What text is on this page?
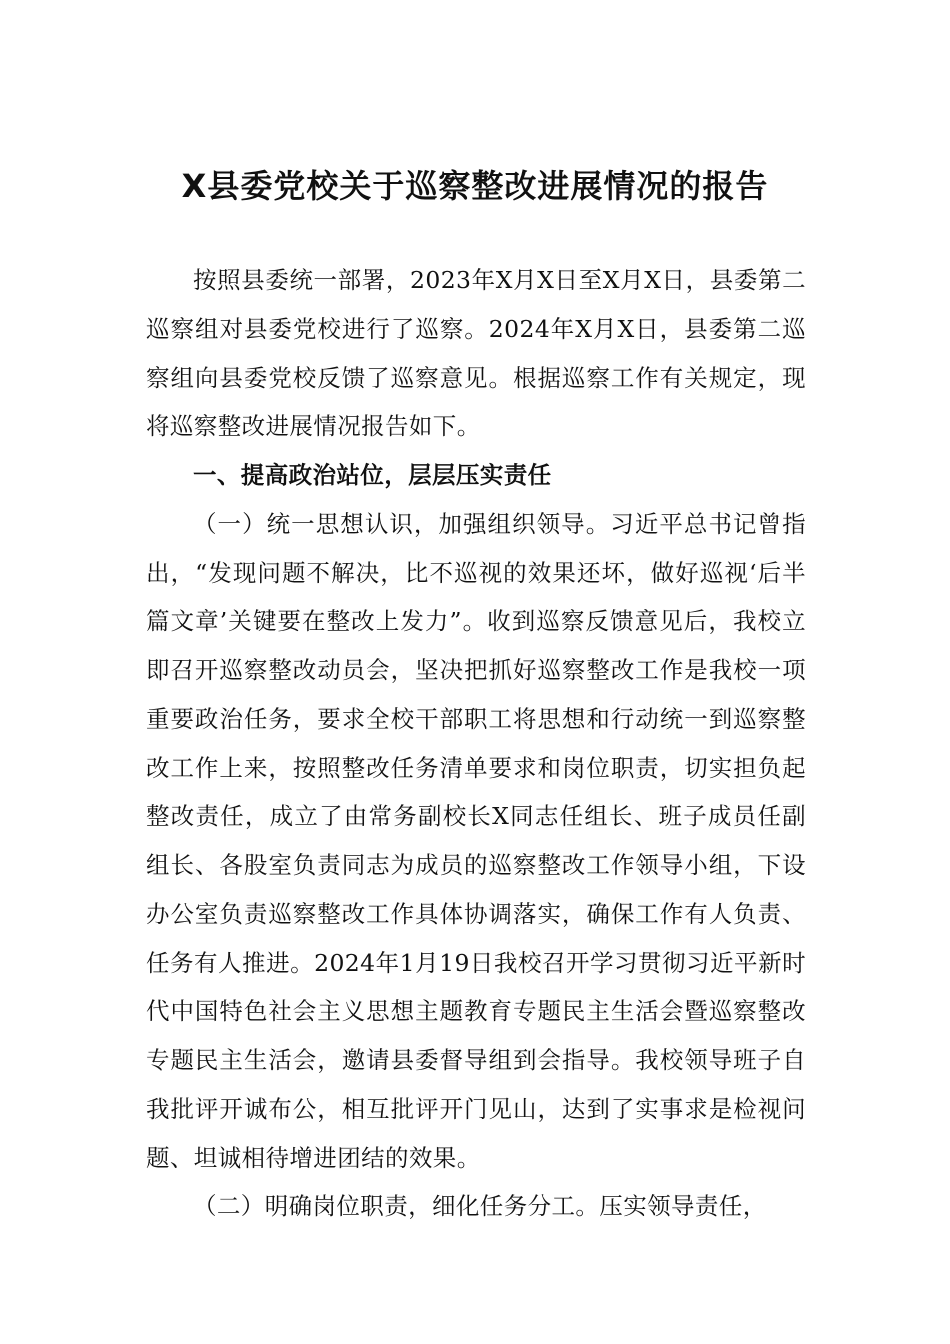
X县委党校关于巡察整改进展情况的报告

按照县委统一部署，2023年X月X日至X月X日，县委第二巡察组对县委党校进行了巡察。2024年X月X日，县委第二巡察组向县委党校反馈了巡察意见。根据巡察工作有关规定，现将巡察整改进展情况报告如下。

一、提高政治站位，层层压实责任

（一）统一思想认识，加强组织领导。习近平总书记曾指出，“发现问题不解决，比不巡视的效果还坏，做好巡视‘后半篇文章’关键要在整改上发力”。收到巡察反馈意见后，我校立即召开巡察整改动员会，坚决把抓好巡察整改工作是我校一项重要政治任务，要求全校干部职工将思想和行动统一到巡察整改工作上来，按照整改任务清单要求和岗位职责，切实担负起整改责任，成立了由常务副校长X同志任组长、班子成员任副组长、各股室负责同志为成员的巡察整改工作领导小组，下设办公室负责巡察整改工作具体协调落实，确保工作有人负责、任务有人推进。2024年1月19日我校召开学习贯彻习近平新时代中国特色社会主义思想主题教育专题民主生活会暨巡察整改专题民主生活会，邀请县委督导组到会指导。我校领导班子自我批评开诚布公，相互批评开门见山，达到了实事求是检视问题、坦诚相待增进团结的效果。

（二）明确岗位职责，细化任务分工。压实领导责任，
